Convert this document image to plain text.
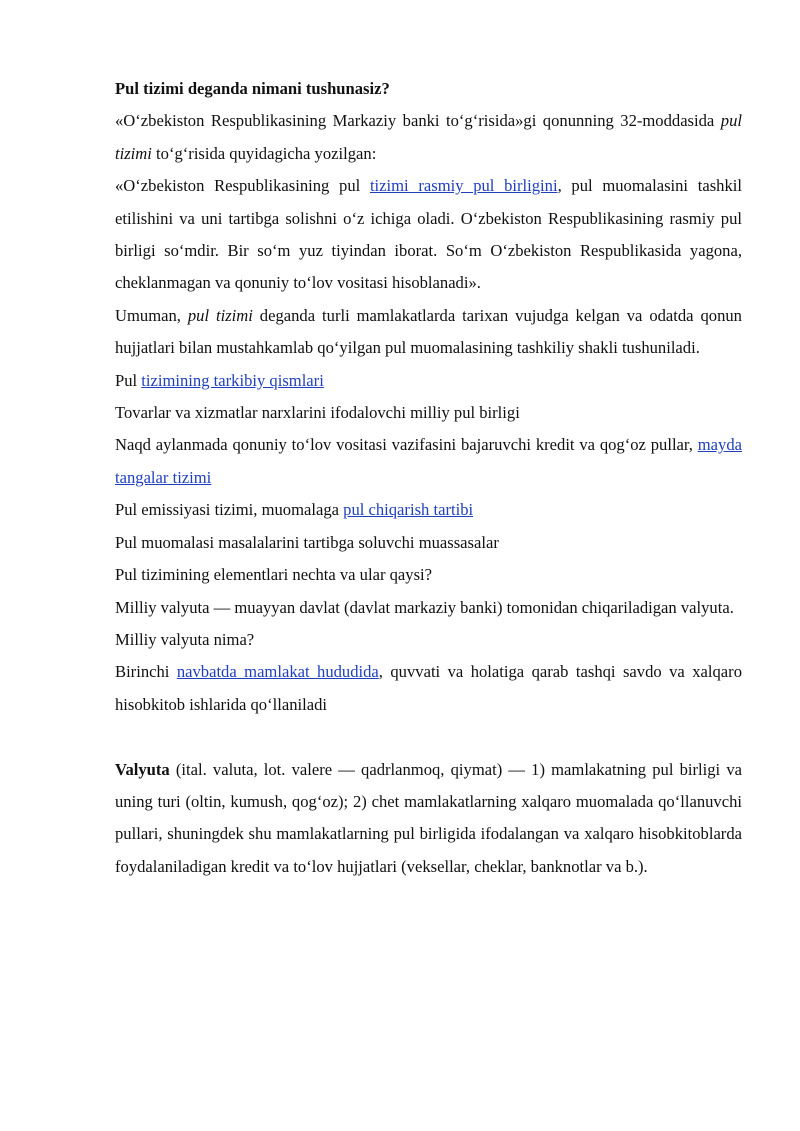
Pul tizimi deganda nimani tushunasiz?

«O‘zbekiston Respublikasining Markaziy banki to‘g‘risida»gi qonunning 32-moddasida pul tizimi to‘g‘risida quyidagicha yozilgan:

«O‘zbekiston Respublikasining pul tizimi rasmiy pul birligini, pul muomalasini tashkil etilishini va uni tartibga solishni o‘z ichiga oladi. O‘zbekiston Respublikasining rasmiy pul birligi so‘mdir. Bir so‘m yuz tiyindan iborat. So‘m O‘zbekiston Respublikasida yagona, cheklanmagan va qonuniy to‘lov vositasi hisoblanadi».

Umuman, pul tizimi deganda turli mamlakatlarda tarixan vujudga kelgan va odatda qonun hujjatlari bilan mustahkamlab qo‘yilgan pul muomalasining tashkiliy shakli tushuniladi.

Pul tizimining tarkibiy qismlari

Tovarlar va xizmatlar narxlarini ifodalovchi milliy pul birligi

Naqd aylanmada qonuniy to‘lov vositasi vazifasini bajaruvchi kredit va qog‘oz pullar, mayda tangalar tizimi

Pul emissiyasi tizimi, muomalaga pul chiqarish tartibi

Pul muomalasi masalalarini tartibga soluvchi muassasalar

Pul tizimining elementlari nechta va ular qaysi?

Milliy valyuta — muayyan davlat (davlat markaziy banki) tomonidan chiqariladigan valyuta.

Milliy valyuta nima?

Birinchi navbatda mamlakat hududida, quvvati va holatiga qarab tashqi savdo va xalqaro hisobkitob ishlarida qo‘llaniladi

Valyuta (ital. valuta, lot. valere — qadrlanmoq, qiymat) — 1) mamlakatning pul birligi va uning turi (oltin, kumush, qog‘oz); 2) chet mamlakatlarning xalqaro muomalada qo‘llanuvchi pullari, shuningdek shu mamlakatlarning pul birligida ifodalangan va xalqaro hisobkitoblarda foydalaniladigan kredit va to‘lov hujjatlari (veksellar, cheklar, banknotlar va b.).
